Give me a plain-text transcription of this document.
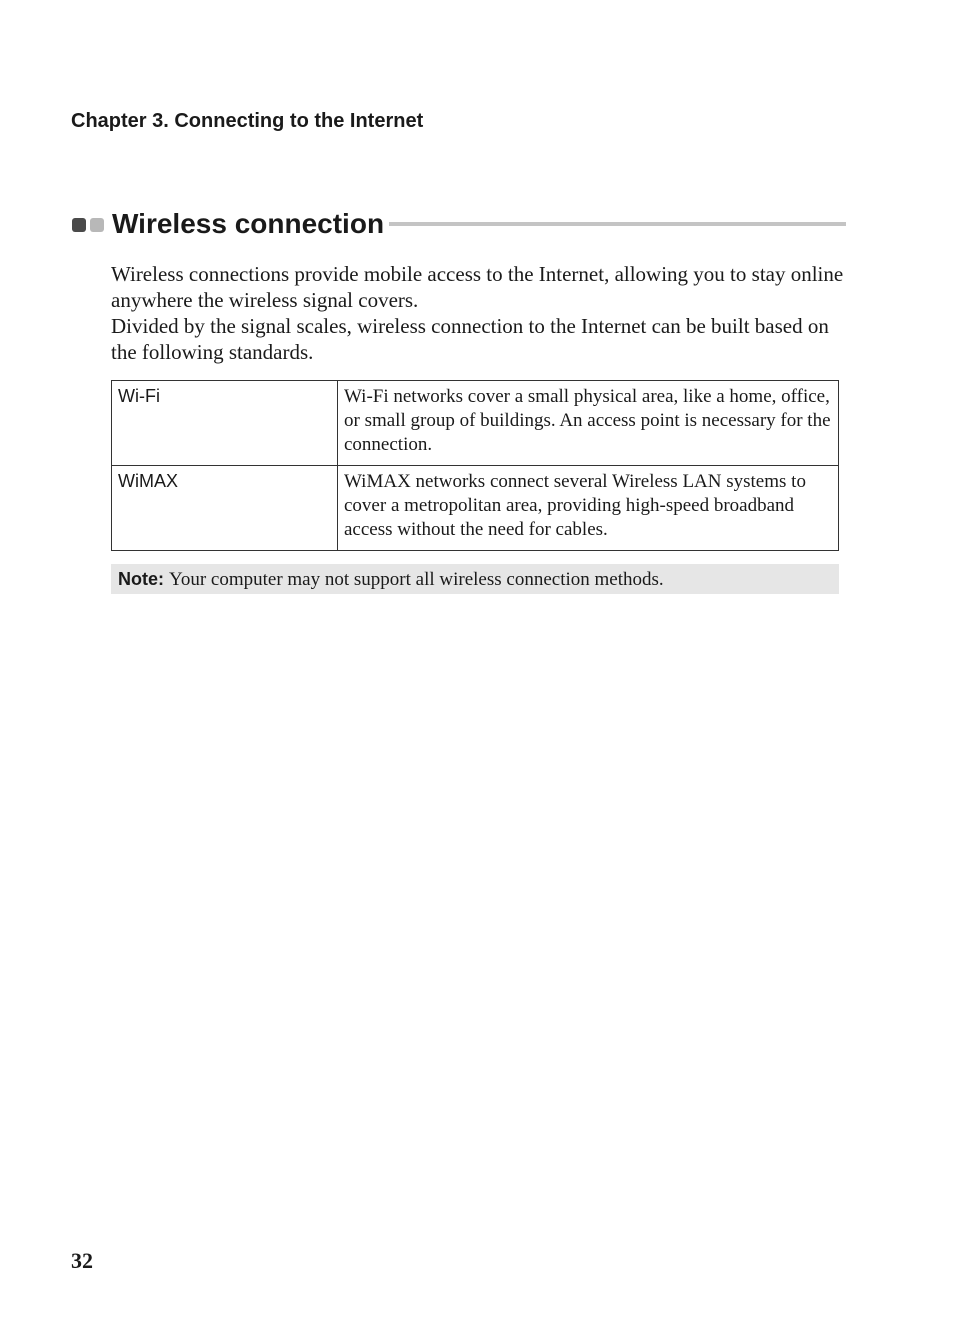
Chapter 3. Connecting to the Internet
Wireless connection

Wireless connections provide mobile access to the Internet, allowing you to stay online anywhere the wireless signal covers.

Divided by the signal scales, wireless connection to the Internet can be built based on the following standards.

Wi-Fi	Wi-Fi networks cover a small physical area, like a home, office, or small group of buildings. An access point is necessary for the connection.
WiMAX	WiMAX networks connect several Wireless LAN systems to cover a metropolitan area, providing high-speed broadband access without the need for cables.
Note: Your computer may not support all wireless connection methods.

32
